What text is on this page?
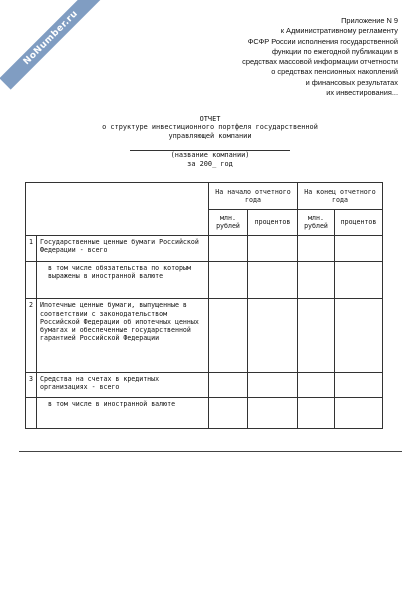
NoNumber.ru	Приложение N 9
к Административному регламенту
ФСФР России исполнения государственной
функции по ежегодной публикации в
средствах массовой информации отчетности
о средствах пенсионных накоплений
и финансовых результатах
их инвестирования...
ОТЧЕТ
о структуре инвестиционного портфеля государственной
управляющей компании
(название компании)
за 200_ год
		На начало отчетного года		На конец отчетного года	
		млн. рублей	процентов	млн. рублей	процентов
1	Государственные ценные бумаги Российской Федерации - всего				
	в том числе обязательства по которым выражены в иностранной валюте				
2	Ипотечные ценные бумаги, выпущенные в соответствии с законодательством Российской Федерации об ипотечных ценных бумагах и обеспеченные государственной гарантией Российской Федерации				
3	Средства на счетах в кредитных организациях - всего				
	в том числе в иностранной валюте				
